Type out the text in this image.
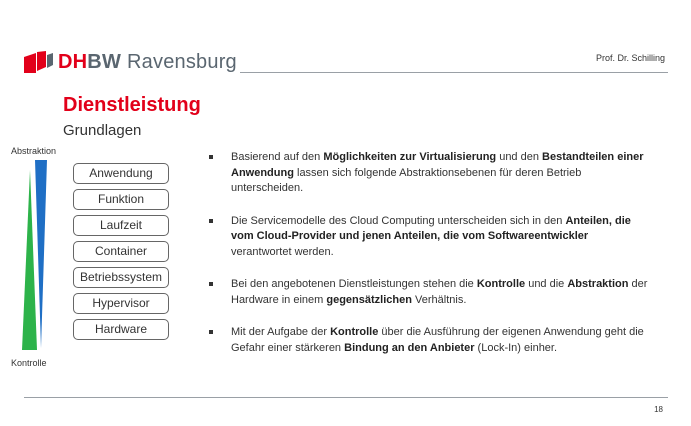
DHBW Ravensburg	Prof. Dr. Schilling
Dienstleistung
Grundlagen
Abstraktion
Kontrolle
Anwendung
Funktion
Laufzeit
Container
Betriebssystem
Hypervisor
Hardware
Basierend auf den Möglichkeiten zur Virtualisierung und den Bestandteilen einer Anwendung lassen sich folgende Abstraktionsebenen für deren Betrieb unterscheiden.
Die Servicemodelle des Cloud Computing unterscheiden sich in den Anteilen, die vom Cloud-Provider und jenen Anteilen, die vom Softwareentwickler verantwortet werden.
Bei den angebotenen Dienstleistungen stehen die Kontrolle und die Abstraktion der Hardware in einem gegensätzlichen Verhältnis.
Mit der Aufgabe der Kontrolle über die Ausführung der eigenen Anwendung geht die Gefahr einer stärkeren Bindung an den Anbieter (Lock-In) einher.
18
